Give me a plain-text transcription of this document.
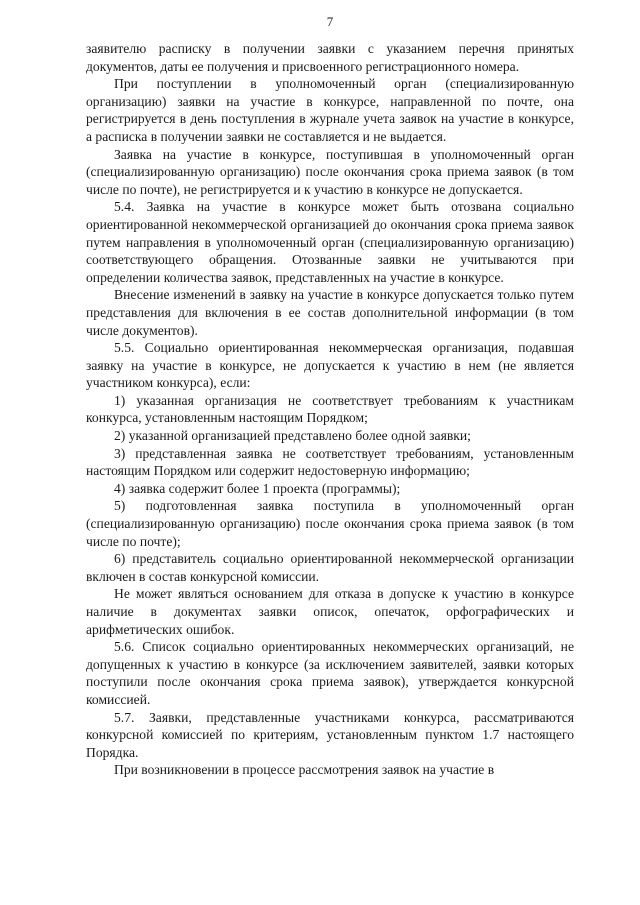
7

заявителю расписку в получении заявки с указанием перечня принятых документов, даты ее получения и присвоенного регистрационного номера.

При поступлении в уполномоченный орган (специализированную организацию) заявки на участие в конкурсе, направленной по почте, она регистрируется в день поступления в журнале учета заявок на участие в конкурсе, а расписка в получении заявки не составляется и не выдается.

Заявка на участие в конкурсе, поступившая в уполномоченный орган (специализированную организацию) после окончания срока приема заявок (в том числе по почте), не регистрируется и к участию в конкурсе не допускается.

5.4. Заявка на участие в конкурсе может быть отозвана социально ориентированной некоммерческой организацией до окончания срока приема заявок путем направления в уполномоченный орган (специализированную организацию) соответствующего обращения. Отозванные заявки не учитываются при определении количества заявок, представленных на участие в конкурсе.

Внесение изменений в заявку на участие в конкурсе допускается только путем представления для включения в ее состав дополнительной информации (в том числе документов).

5.5. Социально ориентированная некоммерческая организация, подавшая заявку на участие в конкурсе, не допускается к участию в нем (не является участником конкурса), если:

1) указанная организация не соответствует требованиям к участникам конкурса, установленным настоящим Порядком;

2) указанной организацией представлено более одной заявки;

3) представленная заявка не соответствует требованиям, установленным настоящим Порядком или содержит недостоверную информацию;

4) заявка содержит более 1 проекта (программы);

5) подготовленная заявка поступила в уполномоченный орган (специализированную организацию) после окончания срока приема заявок (в том числе по почте);

6) представитель социально ориентированной некоммерческой организации включен в состав конкурсной комиссии.

Не может являться основанием для отказа в допуске к участию в конкурсе наличие в документах заявки описок, опечаток, орфографических и арифметических ошибок.

5.6. Список социально ориентированных некоммерческих организаций, не допущенных к участию в конкурсе (за исключением заявителей, заявки которых поступили после окончания срока приема заявок), утверждается конкурсной комиссией.

5.7. Заявки, представленные участниками конкурса, рассматриваются конкурсной комиссией по критериям, установленным пунктом 1.7 настоящего Порядка.

При возникновении в процессе рассмотрения заявок на участие в
